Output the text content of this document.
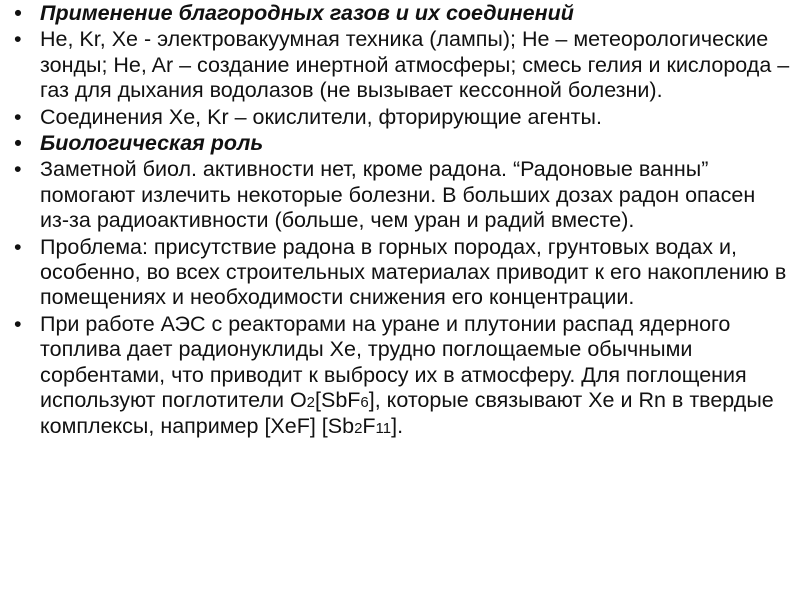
• Применение благородных газов и их соединений
• He, Kr, Xe - электровакуумная техника (лампы); He – метеорологические зонды; He, Ar – создание инертной атмосферы; смесь гелия и кислорода – газ для дыхания водолазов (не вызывает кессонной болезни).
• Соединения Xe, Kr – окислители, фторирующие агенты.
• Биологическая роль
• Заметной биол. активности нет, кроме радона. “Радоновые ванны” помогают излечить некоторые болезни. В больших дозах радон опасен из-за радиоактивности (больше, чем уран и радий вместе).
• Проблема: присутствие радона в горных породах, грунтовых водах и, особенно, во всех строительных материалах приводит к его накоплению в помещениях и необходимости снижения его концентрации.
• При работе АЭС с реакторами на уране и плутонии распад ядерного топлива дает радионуклиды Xe, трудно поглощаемые обычными сорбентами, что приводит к выбросу их в атмосферу. Для поглощения используют поглотители O2[SbF6], которые связывают Xe и Rn в твердые комплексы, например [XeF] [Sb2F11].
